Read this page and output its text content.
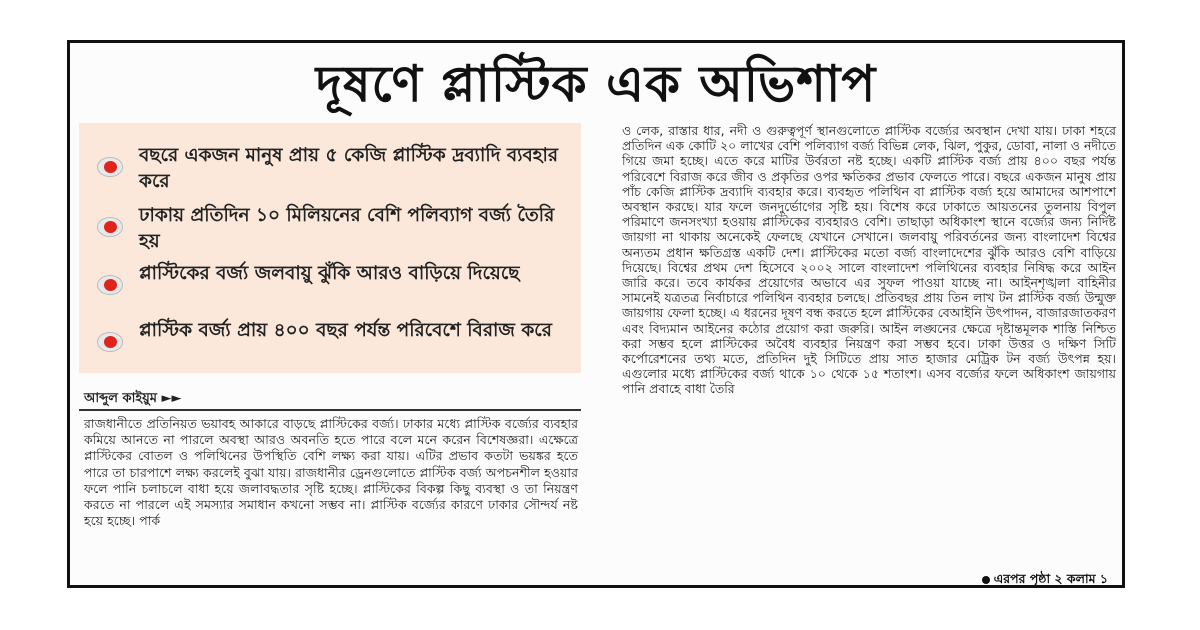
দূষণে প্লাস্টিক এক অভিশাপ
বছরে একজন মানুষ প্রায় ৫ কেজি প্লাস্টিক দ্রব্যাদি ব্যবহার করে
ঢাকায় প্রতিদিন ১০ মিলিয়নের বেশি পলিব্যাগ বর্জ্য তৈরি হয়
প্লাস্টিকের বর্জ্য জলবায়ু ঝুঁকি আরও বাড়িয়ে দিয়েছে
প্লাস্টিক বর্জ্য প্রায় ৪০০ বছর পর্যন্ত পরিবেশে বিরাজ করে
আব্দুল কাইয়ুম ►►
রাজধানীতে প্রতিনিয়ত ভয়াবহ আকারে বাড়ছে প্লাস্টিকের বর্জ্য। ঢাকার মধ্যে প্লাস্টিক বর্জ্যের ব্যবহার কমিয়ে আনতে না পারলে অবস্থা আরও অবনতি হতে পারে বলে মনে করেন বিশেষজ্ঞরা। এক্ষেত্রে প্লাস্টিকের বোতল ও পলিথিনের উপস্থিতি বেশি লক্ষ্য করা যায়। এটির প্রভাব কতটা ভয়ঙ্কর হতে পারে তা চারপাশে লক্ষ্য করলেই বুঝা যায়। রাজধানীর ড্রেনগুলোতে প্লাস্টিক বর্জ্য অপচনশীল হওয়ার ফলে পানি চলাচলে বাধা হয়ে জলাবদ্ধতার সৃষ্টি হচ্ছে। প্লাস্টিকের বিকল্প কিছু ব্যবস্থা ও তা নিয়ন্ত্রণ করতে না পারলে এই সমস্যার সমাধান কখনো সম্ভব না। প্লাস্টিক বর্জ্যের কারণে ঢাকার সৌন্দর্য নষ্ট হয়ে হচ্ছে। পার্ক
ও লেক, রাস্তার ধার, নদী ও গুরুত্বপূর্ণ স্থানগুলোতে প্লাস্টিক বর্জ্যের অবস্থান দেখা যায়। ঢাকা শহরে প্রতিদিন এক কোটি ২০ লাখের বেশি পলিব্যাগ বর্জ্য বিভিন্ন লেক, ঝিল, পুকুর, ডোবা, নালা ও নদীতে গিয়ে জমা হচ্ছে। এতে করে মাটির উর্বরতা নষ্ট হচ্ছে। একটি প্লাস্টিক বর্জ্য প্রায় ৪০০ বছর পর্যন্ত পরিবেশে বিরাজ করে জীব ও প্রকৃতির ওপর ক্ষতিকর প্রভাব ফেলতে পারে। বছরে একজন মানুষ প্রায় পাঁচ কেজি প্লাস্টিক দ্রব্যাদি ব্যবহার করে। ব্যবহৃত পলিথিন বা প্লাস্টিক বর্জ্য হয়ে আমাদের আশপাশে অবস্থান করছে। যার ফলে জনদুর্ভোগের সৃষ্টি হয়। বিশেষ করে ঢাকাতে আয়তনের তুলনায় বিপুল পরিমাণে জনসংখ্যা হওয়ায় প্লাস্টিকের ব্যবহারও বেশি। তাছাড়া অধিকাংশ স্থানে বর্জ্যের জন্য নির্দিষ্ট জায়গা না থাকায় অনেকেই ফেলছে যেখানে সেখানে। জলবায়ু পরিবর্তনের জন্য বাংলাদেশ বিশ্বের অন্যতম প্রধান ক্ষতিগ্রস্ত একটি দেশ। প্লাস্টিকের মতো বর্জ্য বাংলাদেশের ঝুঁকি আরও বেশি বাড়িয়ে দিয়েছে। বিশ্বের প্রথম দেশ হিসেবে ২০০২ সালে বাংলাদেশ পলিথিনের ব্যবহার নিষিদ্ধ করে আইন জারি করে। তবে কার্যকর প্রয়োগের অভাবে এর সুফল পাওয়া যাচ্ছে না। আইনশৃঙ্খলা বাহিনীর সামনেই যত্রতত্র নির্বাচারে পলিথিন ব্যবহার চলছে। প্রতিবছর প্রায় তিন লাখ টন প্লাস্টিক বর্জ্য উন্মুক্ত জায়গায় ফেলা হচ্ছে। এ ধরনের দূষণ বন্ধ করতে হলে প্লাস্টিকের বেআইনি উৎপাদন, বাজারজাতকরণ এবং বিদ্যমান আইনের কঠোর প্রয়োগ করা জরুরি। আইন লঙ্ঘনের ক্ষেত্রে দৃষ্টান্তমূলক শাস্তি নিশ্চিত করা সম্ভব হলে প্লাস্টিকের অবৈধ ব্যবহার নিয়ন্ত্রণ করা সম্ভব হবে। ঢাকা উত্তর ও দক্ষিণ সিটি কর্পোরেশনের তথ্য মতে, প্রতিদিন দুই সিটিতে প্রায় সাত হাজার মেট্রিক টন বর্জ্য উৎপন্ন হয়। এগুলোর মধ্যে প্লাস্টিকের বর্জ্য থাকে ১০ থেকে ১৫ শতাংশ। এসব বর্জ্যের ফলে অধিকাংশ জায়গায় পানি প্রবাহে বাধা তৈরি
এরপর পৃষ্ঠা ২ কলাম ১
